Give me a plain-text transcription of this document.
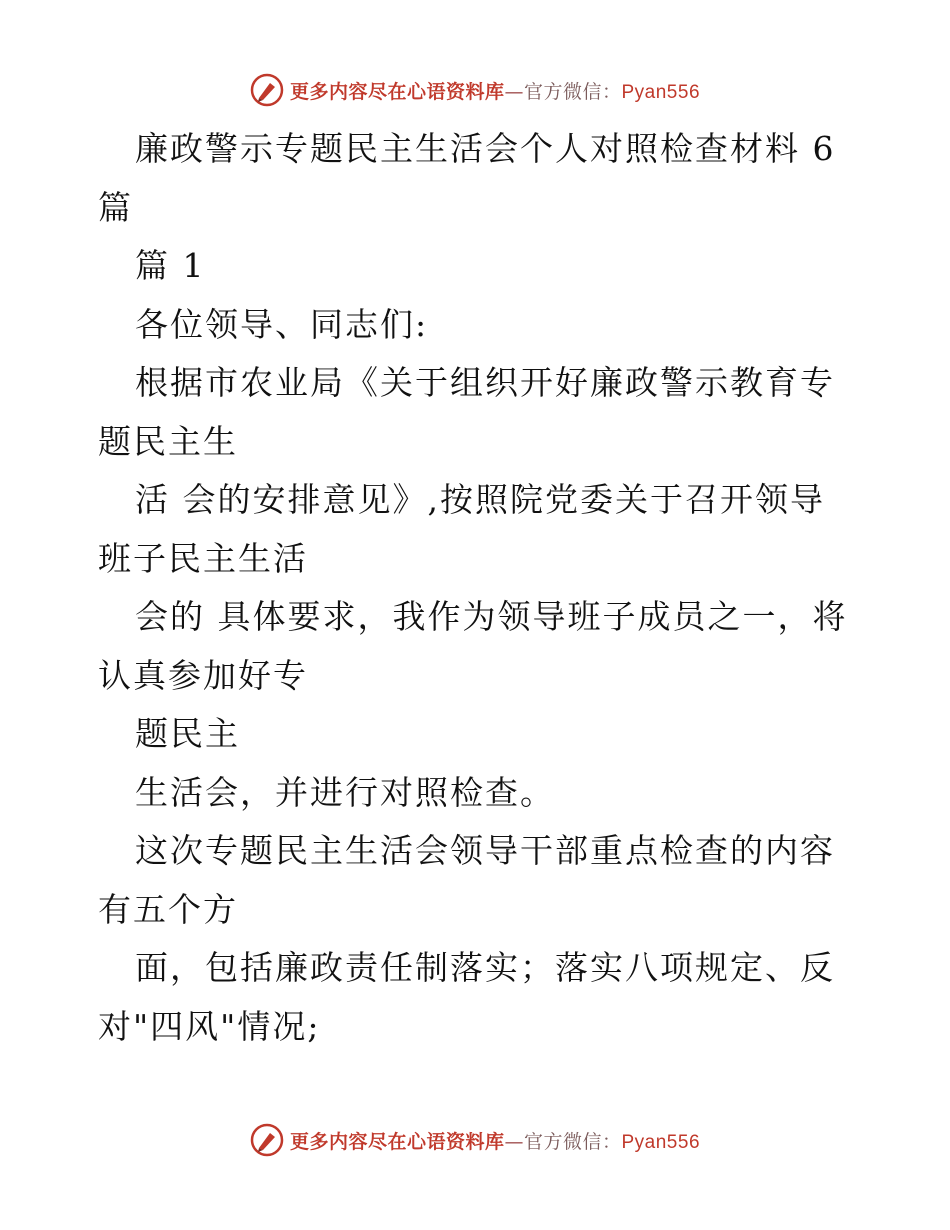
更多内容尽在心语资料库—官方微信：Pyan556

廉政警示专题民主生活会个人对照检查材料 6 篇

篇 1

各位领导、同志们:

根据市农业局《关于组织开好廉政警示教育专题民主生

活 会的安排意见》,按照院党委关于召开领导班子民主生活

会的 具体要求，我作为领导班子成员之一，将认真参加好专

题民主

生活会，并进行对照检查。

这次专题民主生活会领导干部重点检查的内容有五个方

面，包括廉政责任制落实；落实八项规定、反对"四风"情况;

更多内容尽在心语资料库—官方微信：Pyan556
